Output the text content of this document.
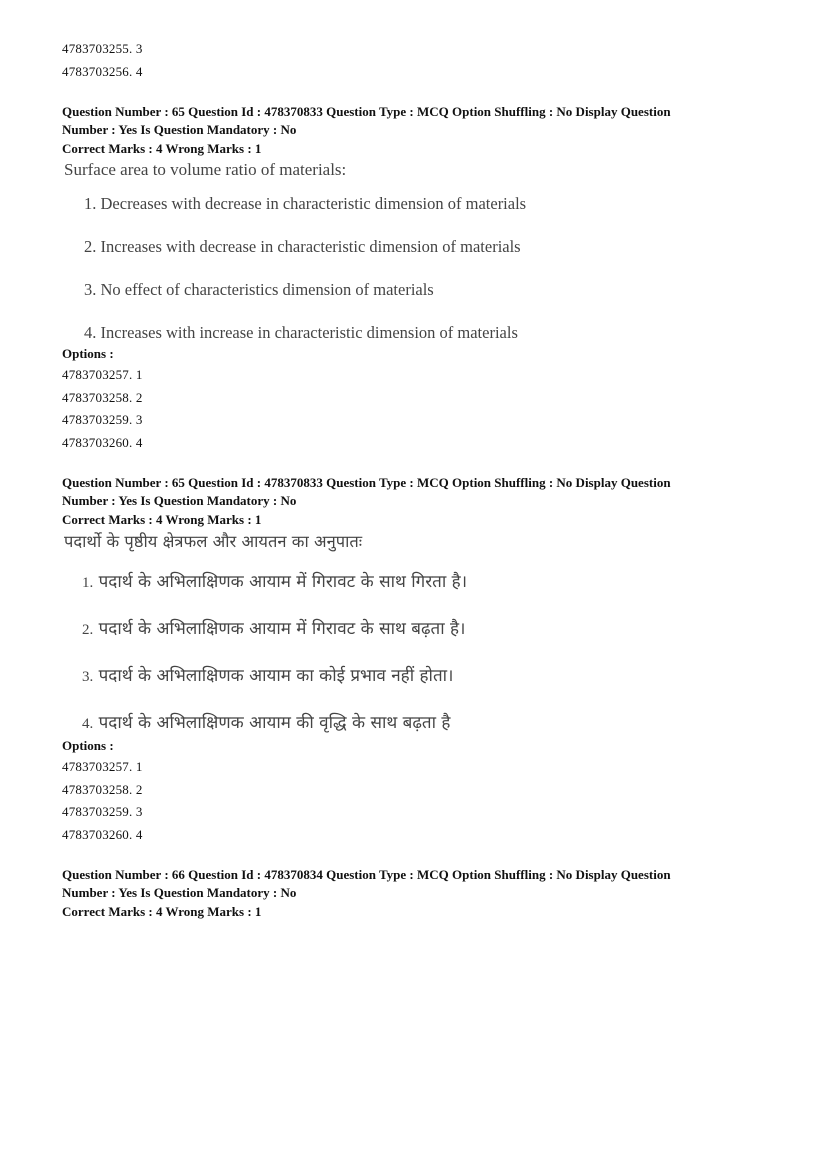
4783703255. 3
4783703256. 4
Question Number : 65 Question Id : 478370833 Question Type : MCQ Option Shuffling : No Display Question
Number : Yes Is Question Mandatory : No
Correct Marks : 4 Wrong Marks : 1
Surface area to volume ratio of materials:
1. Decreases with decrease in characteristic dimension of materials
2. Increases with decrease in characteristic dimension of materials
3. No effect of characteristics dimension of materials
4. Increases with increase in characteristic dimension of materials
Options :
4783703257. 1
4783703258. 2
4783703259. 3
4783703260. 4
Question Number : 65 Question Id : 478370833 Question Type : MCQ Option Shuffling : No Display Question
Number : Yes Is Question Mandatory : No
Correct Marks : 4 Wrong Marks : 1
पदार्थो के पृष्ठीय क्षेत्रफल और आयतन का अनुपातः
1. पदार्थ के अभिलाक्षिणक आयाम में गिरावट के साथ गिरता है।
2. पदार्थ के अभिलाक्षिणक आयाम में गिरावट के साथ बढ़ता है।
3. पदार्थ के अभिलाक्षिणक आयाम का कोई प्रभाव नहीं होता।
4. पदार्थ के अभिलाक्षिणक आयाम की वृद्धि के साथ बढ़ता है
Options :
4783703257. 1
4783703258. 2
4783703259. 3
4783703260. 4
Question Number : 66 Question Id : 478370834 Question Type : MCQ Option Shuffling : No Display Question
Number : Yes Is Question Mandatory : No
Correct Marks : 4 Wrong Marks : 1
